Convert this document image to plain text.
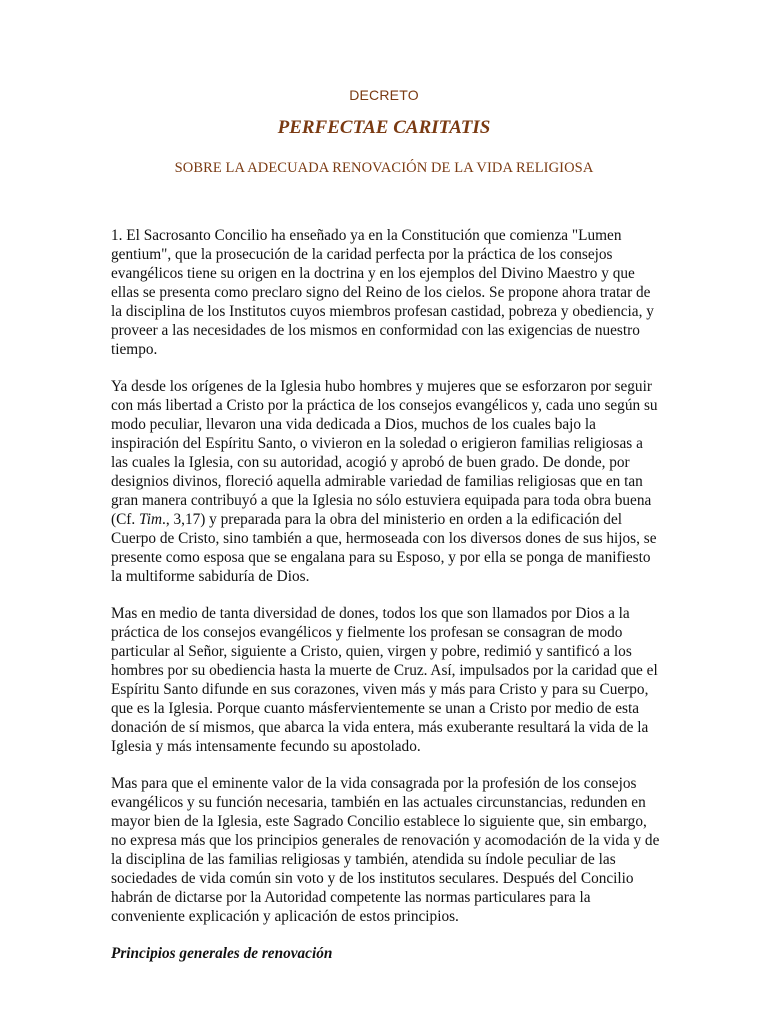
DECRETO
PERFECTAE CARITATIS
SOBRE LA ADECUADA RENOVACIÓN DE LA VIDA RELIGIOSA

1. El Sacrosanto Concilio ha enseñado ya en la Constitución que comienza "Lumen gentium", que la prosecución de la caridad perfecta por la práctica de los consejos evangélicos tiene su origen en la doctrina y en los ejemplos del Divino Maestro y que ellas se presenta como preclaro signo del Reino de los cielos. Se propone ahora tratar de la disciplina de los Institutos cuyos miembros profesan castidad, pobreza y obediencia, y proveer a las necesidades de los mismos en conformidad con las exigencias de nuestro tiempo.

Ya desde los orígenes de la Iglesia hubo hombres y mujeres que se esforzaron por seguir con más libertad a Cristo por la práctica de los consejos evangélicos y, cada uno según su modo peculiar, llevaron una vida dedicada a Dios, muchos de los cuales bajo la inspiración del Espíritu Santo, o vivieron en la soledad o erigieron familias religiosas a las cuales la Iglesia, con su autoridad, acogió y aprobó de buen grado. De donde, por designios divinos, floreció aquella admirable variedad de familias religiosas que en tan gran manera contribuyó a que la Iglesia no sólo estuviera equipada para toda obra buena (Cf. Tim., 3,17) y preparada para la obra del ministerio en orden a la edificación del Cuerpo de Cristo, sino también a que, hermoseada con los diversos dones de sus hijos, se presente como esposa que se engalana para su Esposo, y por ella se ponga de manifiesto la multiforme sabiduría de Dios.

Mas en medio de tanta diversidad de dones, todos los que son llamados por Dios a la práctica de los consejos evangélicos y fielmente los profesan se consagran de modo particular al Señor, siguiente a Cristo, quien, virgen y pobre, redimió y santificó a los hombres por su obediencia hasta la muerte de Cruz. Así, impulsados por la caridad que el Espíritu Santo difunde en sus corazones, viven más y más para Cristo y para su Cuerpo, que es la Iglesia. Porque cuanto másfervientemente se unan a Cristo por medio de esta donación de sí mismos, que abarca la vida entera, más exuberante resultará la vida de la Iglesia y más intensamente fecundo su apostolado.

Mas para que el eminente valor de la vida consagrada por la profesión de los consejos evangélicos y su función necesaria, también en las actuales circunstancias, redunden en mayor bien de la Iglesia, este Sagrado Concilio establece lo siguiente que, sin embargo, no expresa más que los principios generales de renovación y acomodación de la vida y de la disciplina de las familias religiosas y también, atendida su índole peculiar de las sociedades de vida común sin voto y de los institutos seculares. Después del Concilio habrán de dictarse por la Autoridad competente las normas particulares para la conveniente explicación y aplicación de estos principios.

Principios generales de renovación
